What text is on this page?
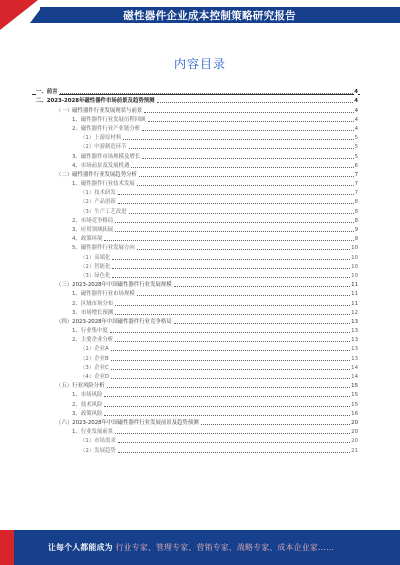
磁性器件企业成本控制策略研究报告
内容目录
一、前言	4
二、2023-2028年磁性器件市场前景及趋势预测	4
（一）磁性器件行业发展现状与前景	4
1、磁性器件行业发展历程回顾	4
2、磁性器件行业产业链分析	4
（1）上游原材料	5
（2）中游制造环节	5
3、磁性器件市场规模及增长	5
4、市场前景及发展机遇	6
（二）磁性器件行业发展趋势分析	7
1、磁性器件行业技术发展	7
（1）技术研发	7
（2）产品创新	8
（3）生产工艺改进	8
2、市场竞争格局	8
3、应用领域拓展	9
4、政策环境	9
5、磁性器件行业发展方向	10
（1）高端化	10
（2）智能化	10
（3）绿色化	10
（三）2023-2028年中国磁性器件行业发展规模	11
1、磁性器件行业市场规模	11
2、区域市场分布	11
3、市场增长预测	12
（四）2023-2028年中国磁性器件行业竞争格局	13
1、行业集中度	13
2、主要企业分析	13
（1）企业A	13
（2）企业B	13
（3）企业C	14
（4）企业D	14
（五）行业风险分析	15
1、市场风险	15
2、技术风险	15
3、政策风险	16
（六）2023-2028年中国磁性器件行业发展前景及趋势预测	20
1、行业发展前景	20
（1）市场需求	20
（2）发展趋势	21
让每个人都能成为 行业专家、管理专家、营销专家、战略专家、成本企业家……
